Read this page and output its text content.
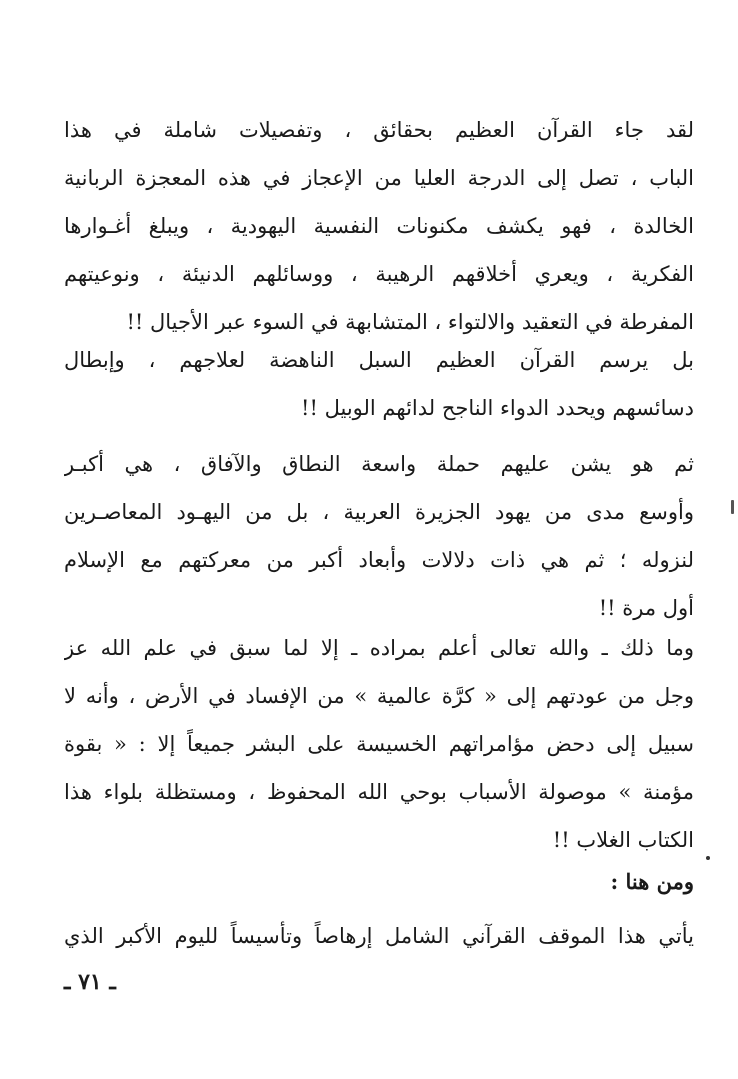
لقد جاء القرآن العظيم بحقائق ، وتفصيلات شاملة في هذا
الباب ، تصل إلى الدرجة العليا من الإعجاز في هذه المعجزة الربانية
الخالدة ، فهو يكشف مكنونات النفسية اليهودية ، ويبلغ أغـوارها
الفكرية ، ويعري أخلاقهم الرهيبة ، ووسائلهم الدنيئة ، ونوعيتهم
المفرطة في التعقيد والالتواء ، المتشابهة في السوء عبر الأجيال !!
بل يرسم القرآن العظيم السبل الناهضة لعلاجهم ، وإبطال
دسائسهم ويحدد الدواء الناجح لدائهم الوبيل !!
ثم هو يشن عليهم حملة واسعة النطاق والآفاق ، هي أكبـر
وأوسع مدى من يهود الجزيرة العربية ، بل من اليهـود المعاصـرين
لنزوله ؛ ثم هي ذات دلالات وأبعاد أكبر من معركتهم مع الإسلام
أول مرة !!
وما ذلك ـ والله تعالى أعلم بمراده ـ إلا لما سبق في علم الله عز
وجل من عودتهم إلى « كرَّة عالمية » من الإفساد في الأرض ، وأنه لا
سبيل إلى دحض مؤامراتهم الخسيسة على البشر جميعاً إلا : « بقوة
مؤمنة » موصولة الأسباب بوحي الله المحفوظ ، ومستظلة بلواء هذا
الكتاب الغلاب !!
ومن هنا :
يأتي هذا الموقف القرآني الشامل إرهاصاً وتأسيساً لليوم الأكبر الذي
ـ ٧١ ـ
